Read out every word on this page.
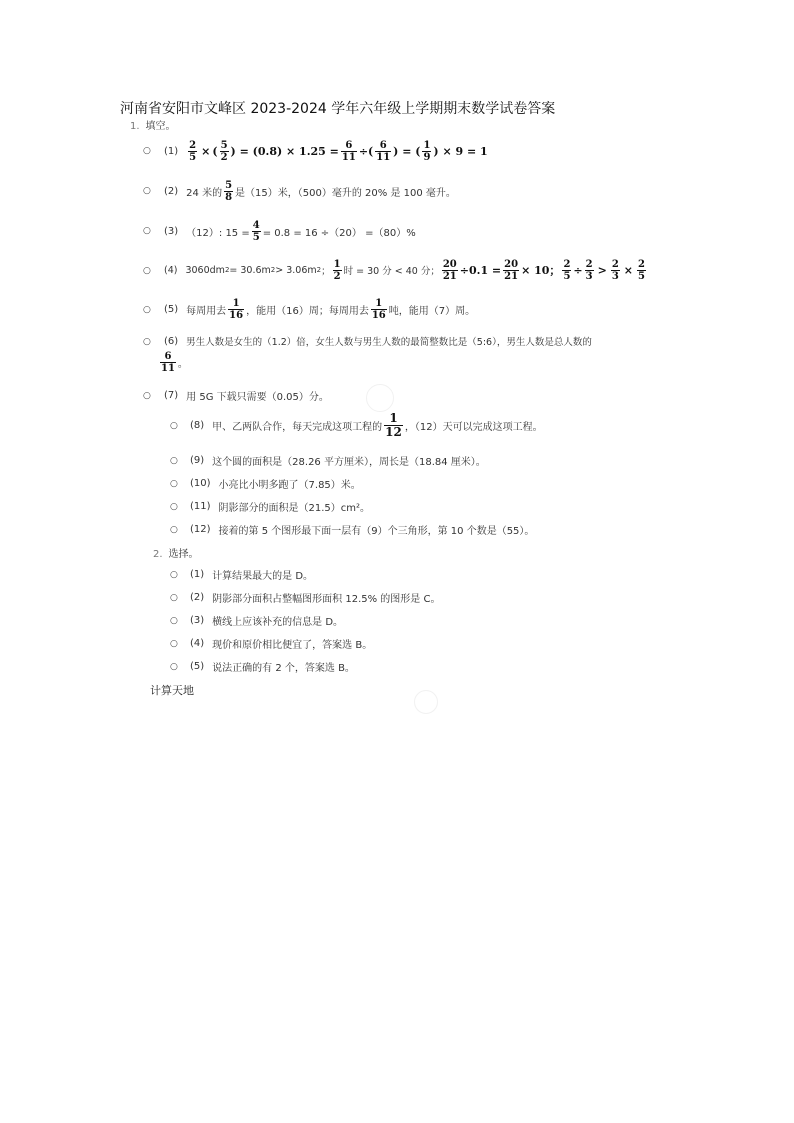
河南省安阳市文峰区 2023-2024 学年六年级上学期期末数学试卷答案
1. 填空。
○ $(1) \frac{2}{5}$ × ( $\frac{5}{2}$ ) = $(0.8) \times 1.25 = \frac{6}{11}$ ÷( $\frac{6}{11}$ ) = ( $\frac{1}{9}$ ) × 9 = 1
○ (2) 24 米的 $\frac{5}{8}$ 是（15）米，（500）毫升的 20% 是 100 毫升。
○ (3) （12）: $15 = \frac{4}{5} = 0.8 = 16 \div(20) =(80)\%$
○ (4) 3060dm 2 = 30.6m 2 > 3.06m 2 ； $\frac{1}{2}$ 时 = 30 分 < 40 分； $\frac{20}{21} \div 0.1 = \frac{20}{21} \times 10$； $\frac{2}{5} \div \frac{2}{3} > \frac{2}{3} \times \frac{2}{5}$
○ (5) 每周用去 $\frac{1}{16}$ ，能用（16）周；每周用去 $\frac{1}{16}$ 吨，能用（7）周。
○ (6) 男生人数是女生的（1.2）倍，女生人数与男生人数的最简整数比是（5:6），男生人数是总人数的
$\frac{6}{11}$ 。
○ (7) 用 5G 下载只需要（0.05）分。
○ (8) 甲、乙两队合作，每天完成这项工程的 $\frac{1}{12}$ ，（12）天可以完成这项工程。
○ (9) 这个圆的面积是（28.26 平方厘米），周长是（18.84 厘米）。
○ (10) 小亮比小明多跑了（7.85）米。
○ (11) 阴影部分的面积是（21.5）cm²。
○ (12) 接着的第 5 个图形最下面一层有（9）个三角形，第 10 个数是（55）。
2. 选择。
○ (1) 计算结果最大的是 D。
○ (2) 阴影部分面积占整幅图形面积 12.5% 的图形是 C。
○ (3) 横线上应该补充的信息是 D。
○ (4) 现价和原价相比便宜了，答案选 B。
○ (5) 说法正确的有 2 个，答案选 B。
计算天地
